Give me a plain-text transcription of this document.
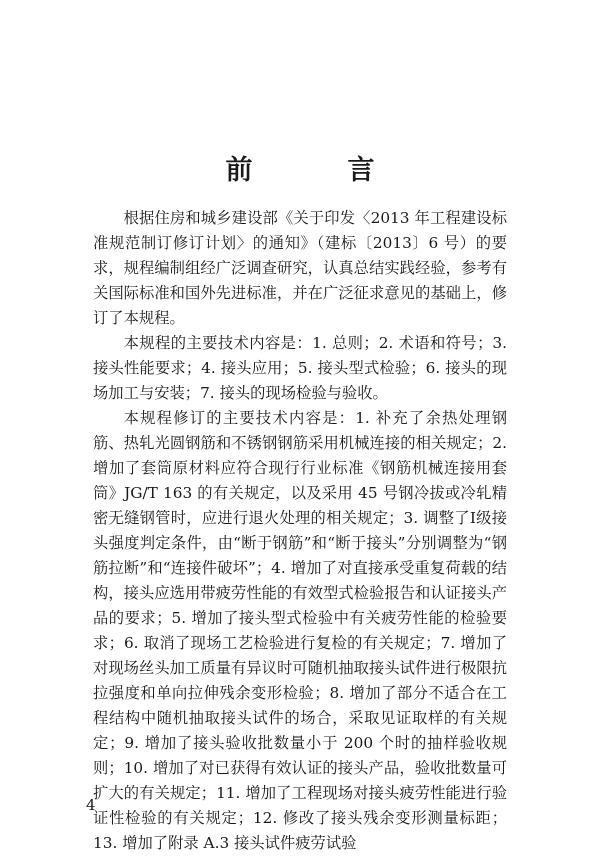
前　言

根据住房和城乡建设部《关于印发〈2013 年工程建设标准规范制订修订计划〉的通知》（建标〔2013〕6 号）的要求，规程编制组经广泛调查研究，认真总结实践经验，参考有关国际标准和国外先进标准，并在广泛征求意见的基础上，修订了本规程。

本规程的主要技术内容是：1. 总则；2. 术语和符号；3. 接头性能要求；4. 接头应用；5. 接头型式检验；6. 接头的现场加工与安装；7. 接头的现场检验与验收。

本规程修订的主要技术内容是：1. 补充了余热处理钢筋、热轧光圆钢筋和不锈钢钢筋采用机械连接的相关规定；2. 增加了套筒原材料应符合现行行业标准《钢筋机械连接用套筒》JG/T 163 的有关规定，以及采用 45 号钢冷拔或冷轧精密无缝钢管时，应进行退火处理的相关规定；3. 调整了Ⅰ级接头强度判定条件，由“断于钢筋”和“断于接头”分别调整为“钢筋拉断”和“连接件破坏”；4. 增加了对直接承受重复荷载的结构，接头应选用带疲劳性能的有效型式检验报告和认证接头产品的要求；5. 增加了接头型式检验中有关疲劳性能的检验要求；6. 取消了现场工艺检验进行复检的有关规定；7. 增加了对现场丝头加工质量有异议时可随机抽取接头试件进行极限抗拉强度和单向拉伸残余变形检验；8. 增加了部分不适合在工程结构中随机抽取接头试件的场合，采取见证取样的有关规定；9. 增加了接头验收批数量小于 200 个时的抽样验收规则；10. 增加了对已获得有效认证的接头产品，验收批数量可扩大的有关规定；11. 增加了工程现场对接头疲劳性能进行验证性检验的有关规定；12. 修改了接头残余变形测量标距；13. 增加了附录 A.3 接头试件疲劳试验

4
